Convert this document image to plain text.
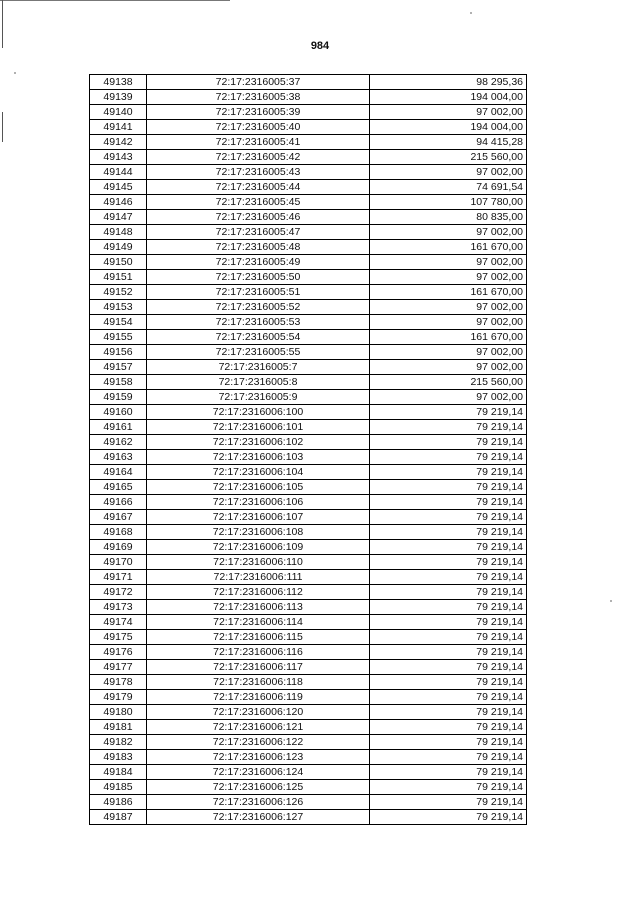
984
49138	72:17:2316005:37	98 295,36
49139	72:17:2316005:38	194 004,00
49140	72:17:2316005:39	97 002,00
49141	72:17:2316005:40	194 004,00
49142	72:17:2316005:41	94 415,28
49143	72:17:2316005:42	215 560,00
49144	72:17:2316005:43	97 002,00
49145	72:17:2316005:44	74 691,54
49146	72:17:2316005:45	107 780,00
49147	72:17:2316005:46	80 835,00
49148	72:17:2316005:47	97 002,00
49149	72:17:2316005:48	161 670,00
49150	72:17:2316005:49	97 002,00
49151	72:17:2316005:50	97 002,00
49152	72:17:2316005:51	161 670,00
49153	72:17:2316005:52	97 002,00
49154	72:17:2316005:53	97 002,00
49155	72:17:2316005:54	161 670,00
49156	72:17:2316005:55	97 002,00
49157	72:17:2316005:7	97 002,00
49158	72:17:2316005:8	215 560,00
49159	72:17:2316005:9	97 002,00
49160	72:17:2316006:100	79 219,14
49161	72:17:2316006:101	79 219,14
49162	72:17:2316006:102	79 219,14
49163	72:17:2316006:103	79 219,14
49164	72:17:2316006:104	79 219,14
49165	72:17:2316006:105	79 219,14
49166	72:17:2316006:106	79 219,14
49167	72:17:2316006:107	79 219,14
49168	72:17:2316006:108	79 219,14
49169	72:17:2316006:109	79 219,14
49170	72:17:2316006:110	79 219,14
49171	72:17:2316006:111	79 219,14
49172	72:17:2316006:112	79 219,14
49173	72:17:2316006:113	79 219,14
49174	72:17:2316006:114	79 219,14
49175	72:17:2316006:115	79 219,14
49176	72:17:2316006:116	79 219,14
49177	72:17:2316006:117	79 219,14
49178	72:17:2316006:118	79 219,14
49179	72:17:2316006:119	79 219,14
49180	72:17:2316006:120	79 219,14
49181	72:17:2316006:121	79 219,14
49182	72:17:2316006:122	79 219,14
49183	72:17:2316006:123	79 219,14
49184	72:17:2316006:124	79 219,14
49185	72:17:2316006:125	79 219,14
49186	72:17:2316006:126	79 219,14
49187	72:17:2316006:127	79 219,14
